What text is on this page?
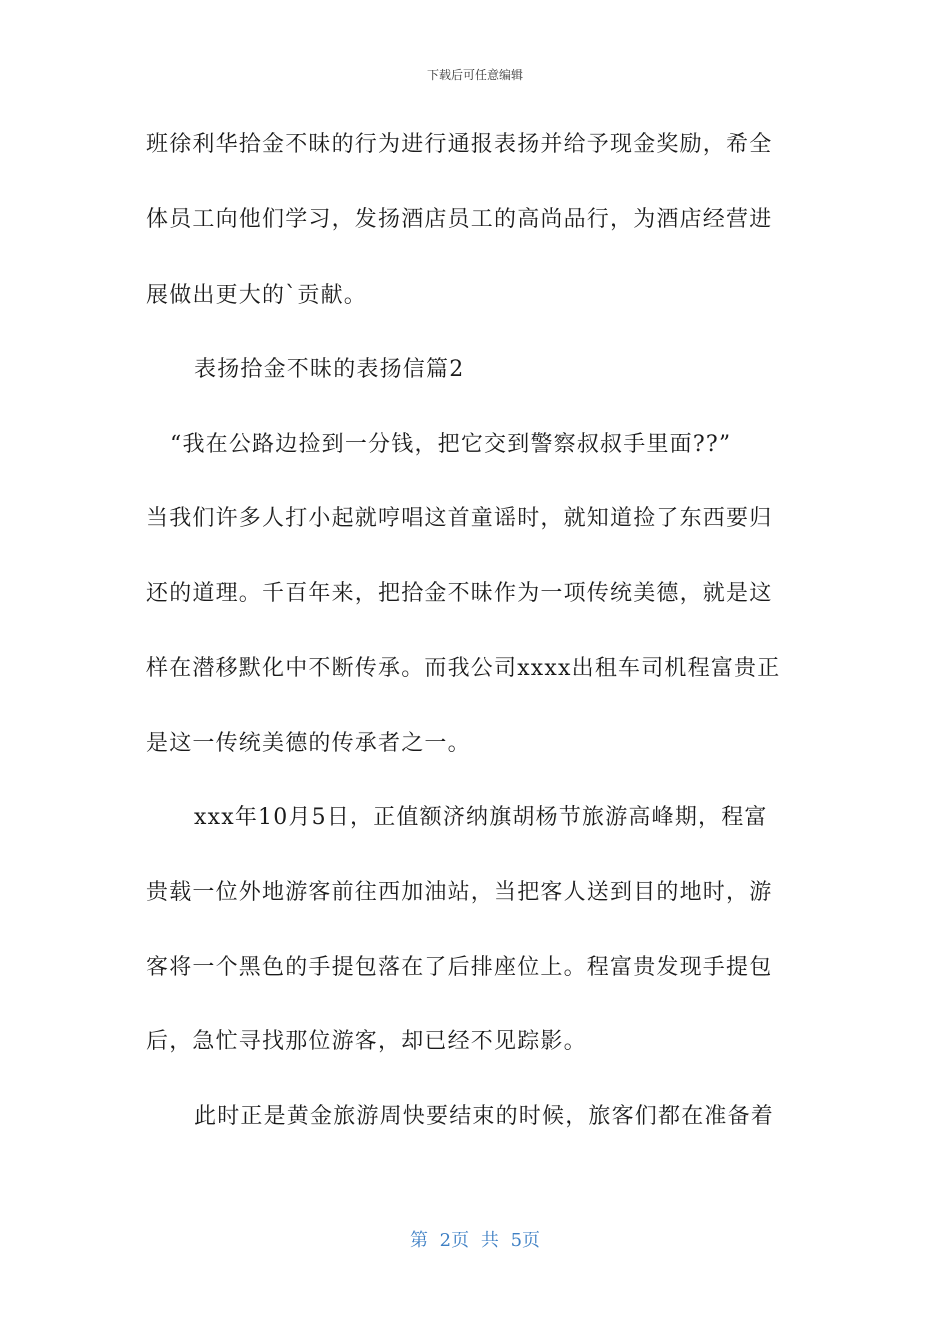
下载后可任意编辑
班徐利华拾金不昧的行为进行通报表扬并给予现金奖励，希全
体员工向他们学习，发扬酒店员工的高尚品行，为酒店经营进
展做出更大的`贡献。
表扬拾金不昧的表扬信篇2
“我在公路边捡到一分钱，把它交到警察叔叔手里面??”
当我们许多人打小起就哼唱这首童谣时，就知道捡了东西要归
还的道理。千百年来，把拾金不昧作为一项传统美德，就是这
样在潜移默化中不断传承。而我公司xxxx出租车司机程富贵正
是这一传统美德的传承者之一。
xxx年10月5日，正值额济纳旗胡杨节旅游高峰期，程富
贵载一位外地游客前往西加油站，当把客人送到目的地时，游
客将一个黑色的手提包落在了后排座位上。程富贵发现手提包
后，急忙寻找那位游客，却已经不见踪影。
此时正是黄金旅游周快要结束的时候，旅客们都在准备着
第 2页 共 5页
